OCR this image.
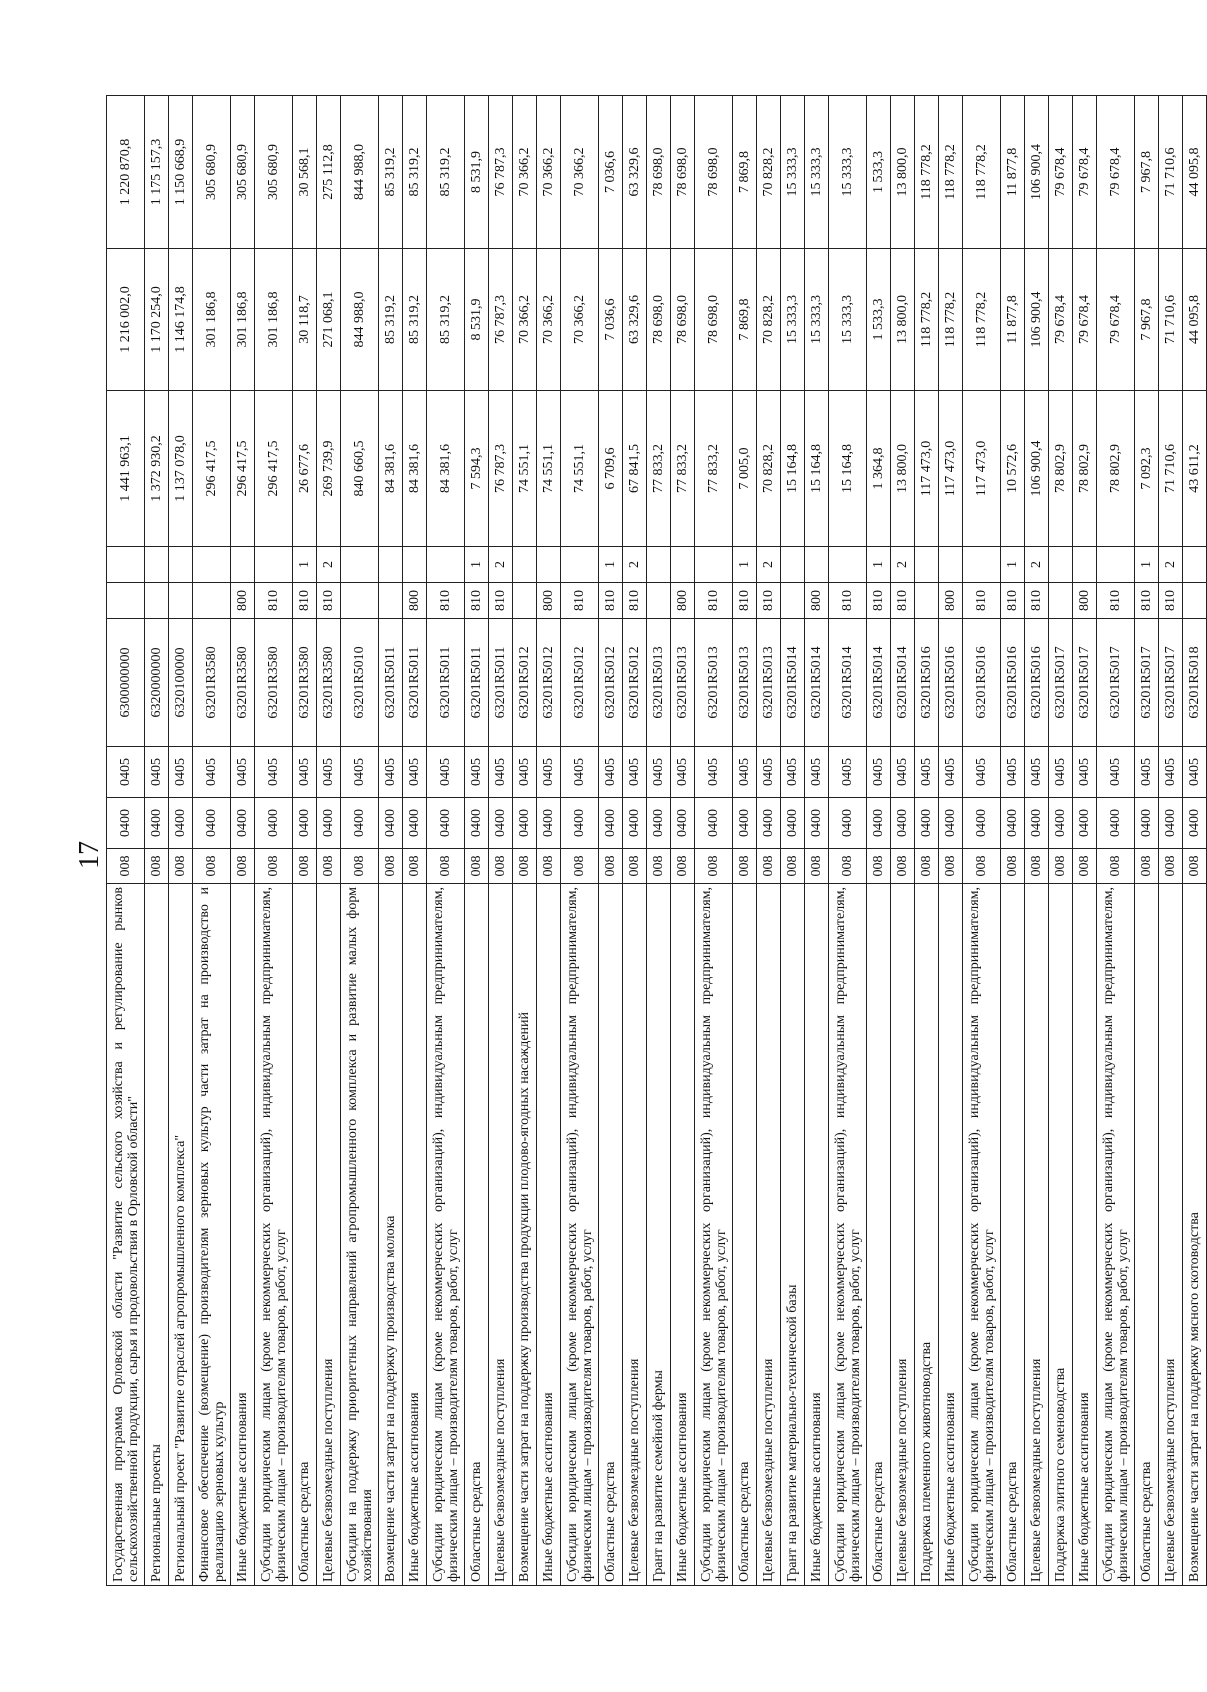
17
Государственная программа Орловской области "Развитие сельского хозяйства и регулирование рынков сельскохозяйственной продукции, сырья и продовольствия в Орловской области"	008	0400	0405	6300000000			1 441 963,1	1 216 002,0	1 220 870,8
Региональные проекты	008	0400	0405	6320000000			1 372 930,2	1 170 254,0	1 175 157,3
Региональный проект "Развитие отраслей агропромышленного комплекса"	008	0400	0405	6320100000			1 137 078,0	1 146 174,8	1 150 668,9
Финансовое обеспечение (возмещение) производителям зерновых культур части затрат на производство и реализацию зерновых культур	008	0400	0405	63201R3580			296 417,5	301 186,8	305 680,9
Иные бюджетные ассигнования	008	0400	0405	63201R3580	800		296 417,5	301 186,8	305 680,9
Субсидии юридическим лицам (кроме некоммерческих организаций), индивидуальным предпринимателям, физическим лицам – производителям товаров, работ, услуг	008	0400	0405	63201R3580	810		296 417,5	301 186,8	305 680,9
Областные средства	008	0400	0405	63201R3580	810	1	26 677,6	30 118,7	30 568,1
Целевые безвозмездные поступления	008	0400	0405	63201R3580	810	2	269 739,9	271 068,1	275 112,8
Субсидии на поддержку приоритетных направлений агропромышленного комплекса и развитие малых форм хозяйствования	008	0400	0405	63201R5010			840 660,5	844 988,0	844 988,0
Возмещение части затрат на поддержку производства молока	008	0400	0405	63201R5011			84 381,6	85 319,2	85 319,2
Иные бюджетные ассигнования	008	0400	0405	63201R5011	800		84 381,6	85 319,2	85 319,2
Субсидии юридическим лицам (кроме некоммерческих организаций), индивидуальным предпринимателям, физическим лицам – производителям товаров, работ, услуг	008	0400	0405	63201R5011	810		84 381,6	85 319,2	85 319,2
Областные средства	008	0400	0405	63201R5011	810	1	7 594,3	8 531,9	8 531,9
Целевые безвозмездные поступления	008	0400	0405	63201R5011	810	2	76 787,3	76 787,3	76 787,3
Возмещение части затрат на поддержку производства продукции плодово-ягодных насаждений	008	0400	0405	63201R5012			74 551,1	70 366,2	70 366,2
Иные бюджетные ассигнования	008	0400	0405	63201R5012	800		74 551,1	70 366,2	70 366,2
Субсидии юридическим лицам (кроме некоммерческих организаций), индивидуальным предпринимателям, физическим лицам – производителям товаров, работ, услуг	008	0400	0405	63201R5012	810		74 551,1	70 366,2	70 366,2
Областные средства	008	0400	0405	63201R5012	810	1	6 709,6	7 036,6	7 036,6
Целевые безвозмездные поступления	008	0400	0405	63201R5012	810	2	67 841,5	63 329,6	63 329,6
Грант на развитие семейной фермы	008	0400	0405	63201R5013			77 833,2	78 698,0	78 698,0
Иные бюджетные ассигнования	008	0400	0405	63201R5013	800		77 833,2	78 698,0	78 698,0
Субсидии юридическим лицам (кроме некоммерческих организаций), индивидуальным предпринимателям, физическим лицам – производителям товаров, работ, услуг	008	0400	0405	63201R5013	810		77 833,2	78 698,0	78 698,0
Областные средства	008	0400	0405	63201R5013	810	1	7 005,0	7 869,8	7 869,8
Целевые безвозмездные поступления	008	0400	0405	63201R5013	810	2	70 828,2	70 828,2	70 828,2
Грант на развитие материально-технической базы	008	0400	0405	63201R5014			15 164,8	15 333,3	15 333,3
Иные бюджетные ассигнования	008	0400	0405	63201R5014	800		15 164,8	15 333,3	15 333,3
Субсидии юридическим лицам (кроме некоммерческих организаций), индивидуальным предпринимателям, физическим лицам – производителям товаров, работ, услуг	008	0400	0405	63201R5014	810		15 164,8	15 333,3	15 333,3
Областные средства	008	0400	0405	63201R5014	810	1	1 364,8	1 533,3	1 533,3
Целевые безвозмездные поступления	008	0400	0405	63201R5014	810	2	13 800,0	13 800,0	13 800,0
Поддержка племенного животноводства	008	0400	0405	63201R5016			117 473,0	118 778,2	118 778,2
Иные бюджетные ассигнования	008	0400	0405	63201R5016	800		117 473,0	118 778,2	118 778,2
Субсидии юридическим лицам (кроме некоммерческих организаций), индивидуальным предпринимателям, физическим лицам – производителям товаров, работ, услуг	008	0400	0405	63201R5016	810		117 473,0	118 778,2	118 778,2
Областные средства	008	0400	0405	63201R5016	810	1	10 572,6	11 877,8	11 877,8
Целевые безвозмездные поступления	008	0400	0405	63201R5016	810	2	106 900,4	106 900,4	106 900,4
Поддержка элитного семеноводства	008	0400	0405	63201R5017			78 802,9	79 678,4	79 678,4
Иные бюджетные ассигнования	008	0400	0405	63201R5017	800		78 802,9	79 678,4	79 678,4
Субсидии юридическим лицам (кроме некоммерческих организаций), индивидуальным предпринимателям, физическим лицам – производителям товаров, работ, услуг	008	0400	0405	63201R5017	810		78 802,9	79 678,4	79 678,4
Областные средства	008	0400	0405	63201R5017	810	1	7 092,3	7 967,8	7 967,8
Целевые безвозмездные поступления	008	0400	0405	63201R5017	810	2	71 710,6	71 710,6	71 710,6
Возмещение части затрат на поддержку мясного скотоводства	008	0400	0405	63201R5018			43 611,2	44 095,8	44 095,8
